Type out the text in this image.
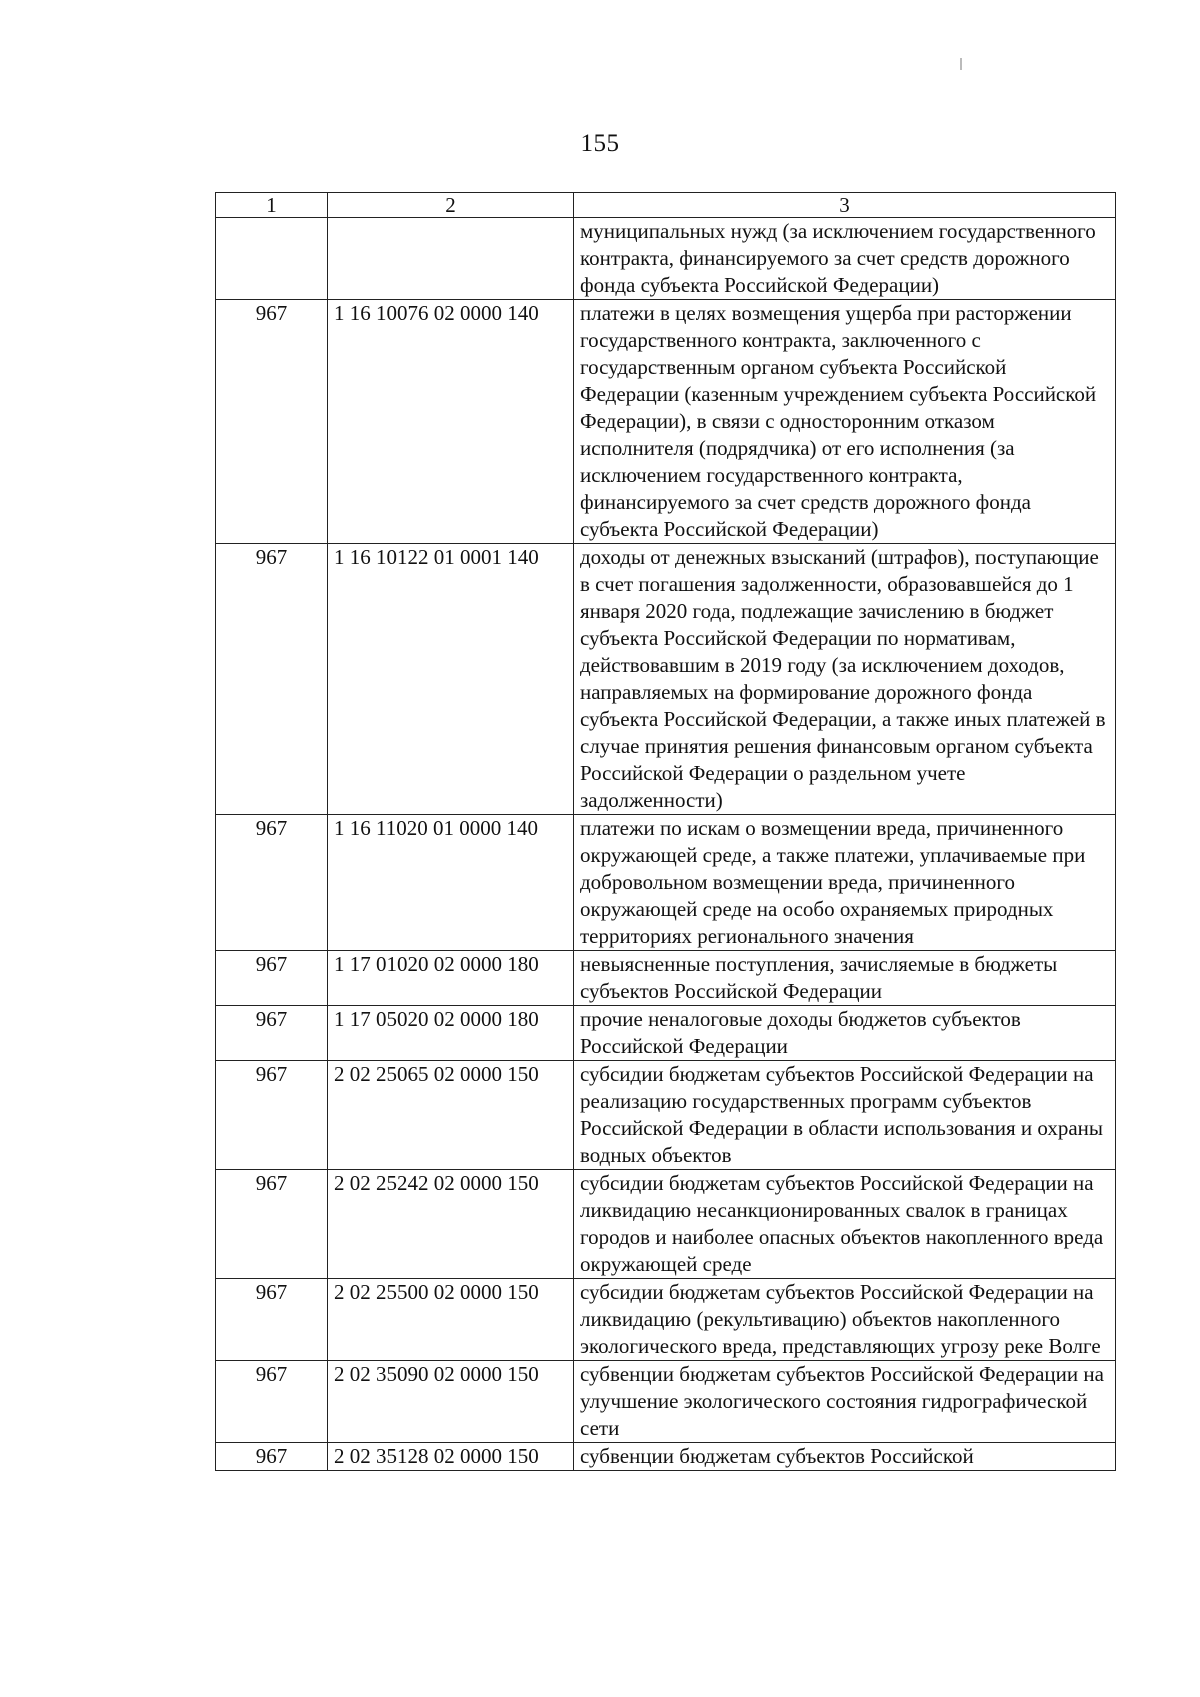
155
1	2	3
		муниципальных нужд (за исключением государственного контракта, финансируемого за счет средств дорожного фонда субъекта Российской Федерации)
967	1 16 10076 02 0000 140	платежи в целях возмещения ущерба при расторжении государственного контракта, заключенного с государственным органом субъекта Российской Федерации (казенным учреждением субъекта Российской Федерации), в связи с односторонним отказом исполнителя (подрядчика) от его исполнения (за исключением государственного контракта, финансируемого за счет средств дорожного фонда субъекта Российской Федерации)
967	1 16 10122 01 0001 140	доходы от денежных взысканий (штрафов), поступающие в счет погашения задолженности, образовавшейся до 1 января 2020 года, подлежащие зачислению в бюджет субъекта Российской Федерации по нормативам, действовавшим в 2019 году (за исключением доходов, направляемых на формирование дорожного фонда субъекта Российской Федерации, а также иных платежей в случае принятия решения финансовым органом субъекта Российской Федерации о раздельном учете задолженности)
967	1 16 11020 01 0000 140	платежи по искам о возмещении вреда, причиненного окружающей среде, а также платежи, уплачиваемые при добровольном возмещении вреда, причиненного окружающей среде на особо охраняемых природных территориях регионального значения
967	1 17 01020 02 0000 180	невыясненные поступления, зачисляемые в бюджеты субъектов Российской Федерации
967	1 17 05020 02 0000 180	прочие неналоговые доходы бюджетов субъектов Российской Федерации
967	2 02 25065 02 0000 150	субсидии бюджетам субъектов Российской Федерации на реализацию государственных программ субъектов Российской Федерации в области использования и охраны водных объектов
967	2 02 25242 02 0000 150	субсидии бюджетам субъектов Российской Федерации на ликвидацию несанкционированных свалок в границах городов и наиболее опасных объектов накопленного вреда окружающей среде
967	2 02 25500 02 0000 150	субсидии бюджетам субъектов Российской Федерации на ликвидацию (рекультивацию) объектов накопленного экологического вреда, представляющих угрозу реке Волге
967	2 02 35090 02 0000 150	субвенции бюджетам субъектов Российской Федерации на улучшение экологического состояния гидрографической сети
967	2 02 35128 02 0000 150	субвенции бюджетам субъектов Российской
